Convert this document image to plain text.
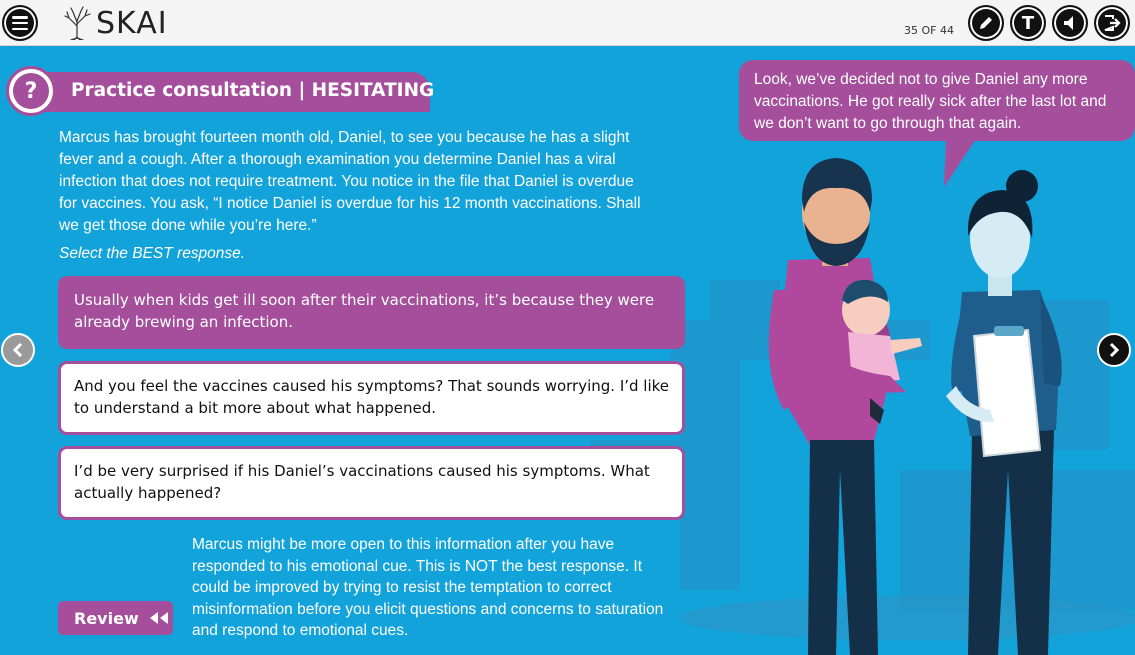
SKAI	35 OF 44	T
?	Practice consultation | HESITATING

Marcus has brought fourteen month old, Daniel, to see you because he has a slight fever and a cough. After a thorough examination you determine Daniel has a viral infection that does not require treatment. You notice in the file that Daniel is overdue for vaccines. You ask, “I notice Daniel is overdue for his 12 month vaccinations. Shall we get those done while you’re here.”

Select the BEST response.

Usually when kids get ill soon after their vaccinations, it’s because they were already brewing an infection.
And you feel the vaccines caused his symptoms? That sounds worrying. I’d like to understand a bit more about what happened.
I’d be very surprised if his Daniel’s vaccinations caused his symptoms. What actually happened?

Marcus might be more open to this information after you have responded to his emotional cue. This is NOT the best response. It could be improved by trying to resist the temptation to correct misinformation before you elicit questions and concerns to saturation and respond to emotional cues.

Review
Look, we’ve decided not to give Daniel any more vaccinations. He got really sick after the last lot and we don’t want to go through that again.
